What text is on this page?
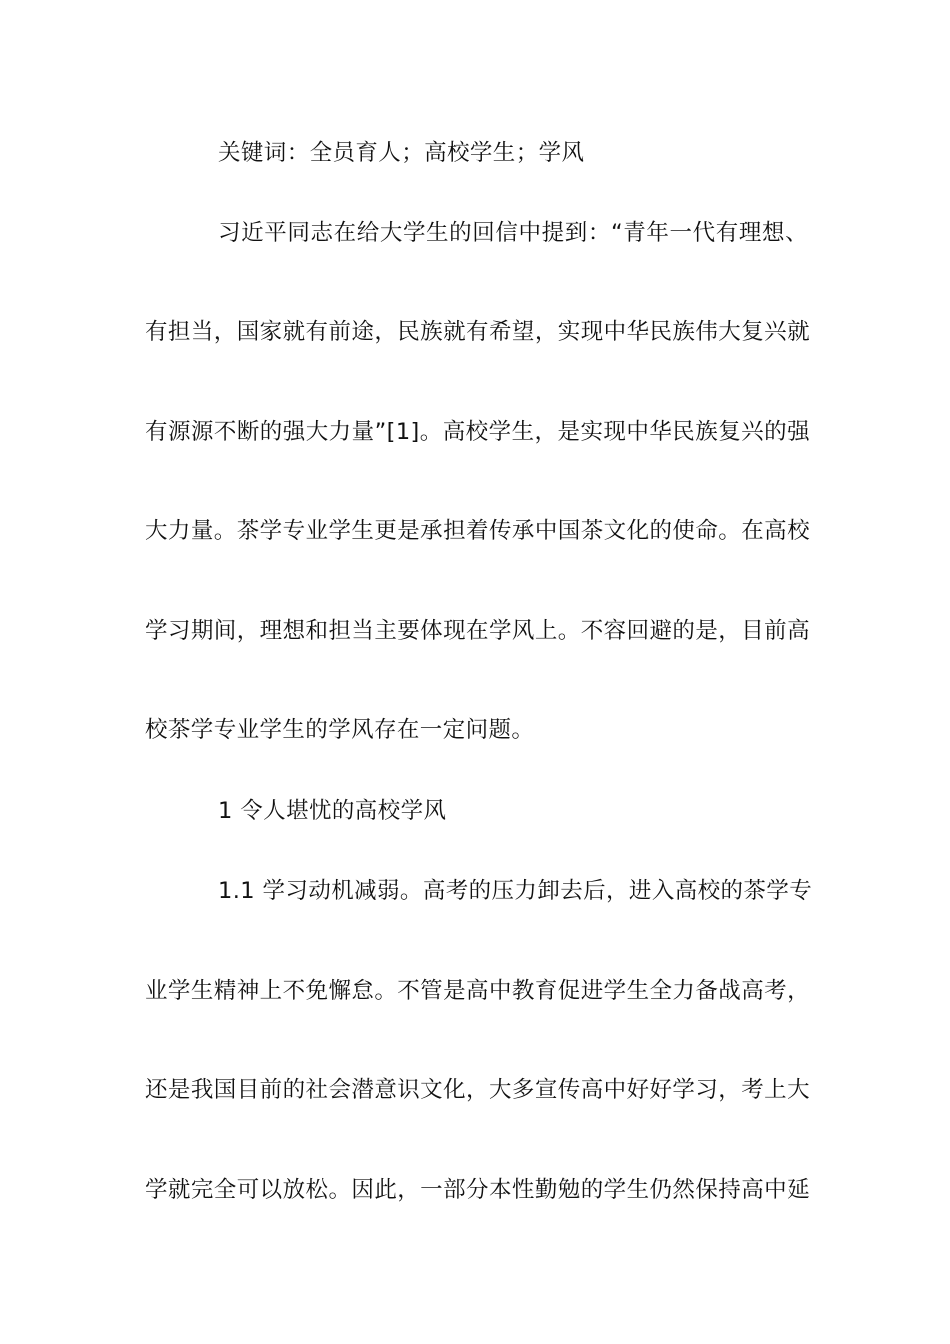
关键词：全员育人；高校学生；学风
习近平同志在给大学生的回信中提到：“青年一代有理想、
有担当，国家就有前途，民族就有希望，实现中华民族伟大复兴就
有源源不断的强大力量”[1]。高校学生，是实现中华民族复兴的强
大力量。茶学专业学生更是承担着传承中国茶文化的使命。在高校
学习期间，理想和担当主要体现在学风上。不容回避的是，目前高
校茶学专业学生的学风存在一定问题。
1 令人堪忧的高校学风
1.1 学习动机减弱。高考的压力卸去后，进入高校的茶学专
业学生精神上不免懈怠。不管是高中教育促进学生全力备战高考，
还是我国目前的社会潜意识文化，大多宣传高中好好学习，考上大
学就完全可以放松。因此，一部分本性勤勉的学生仍然保持高中延
